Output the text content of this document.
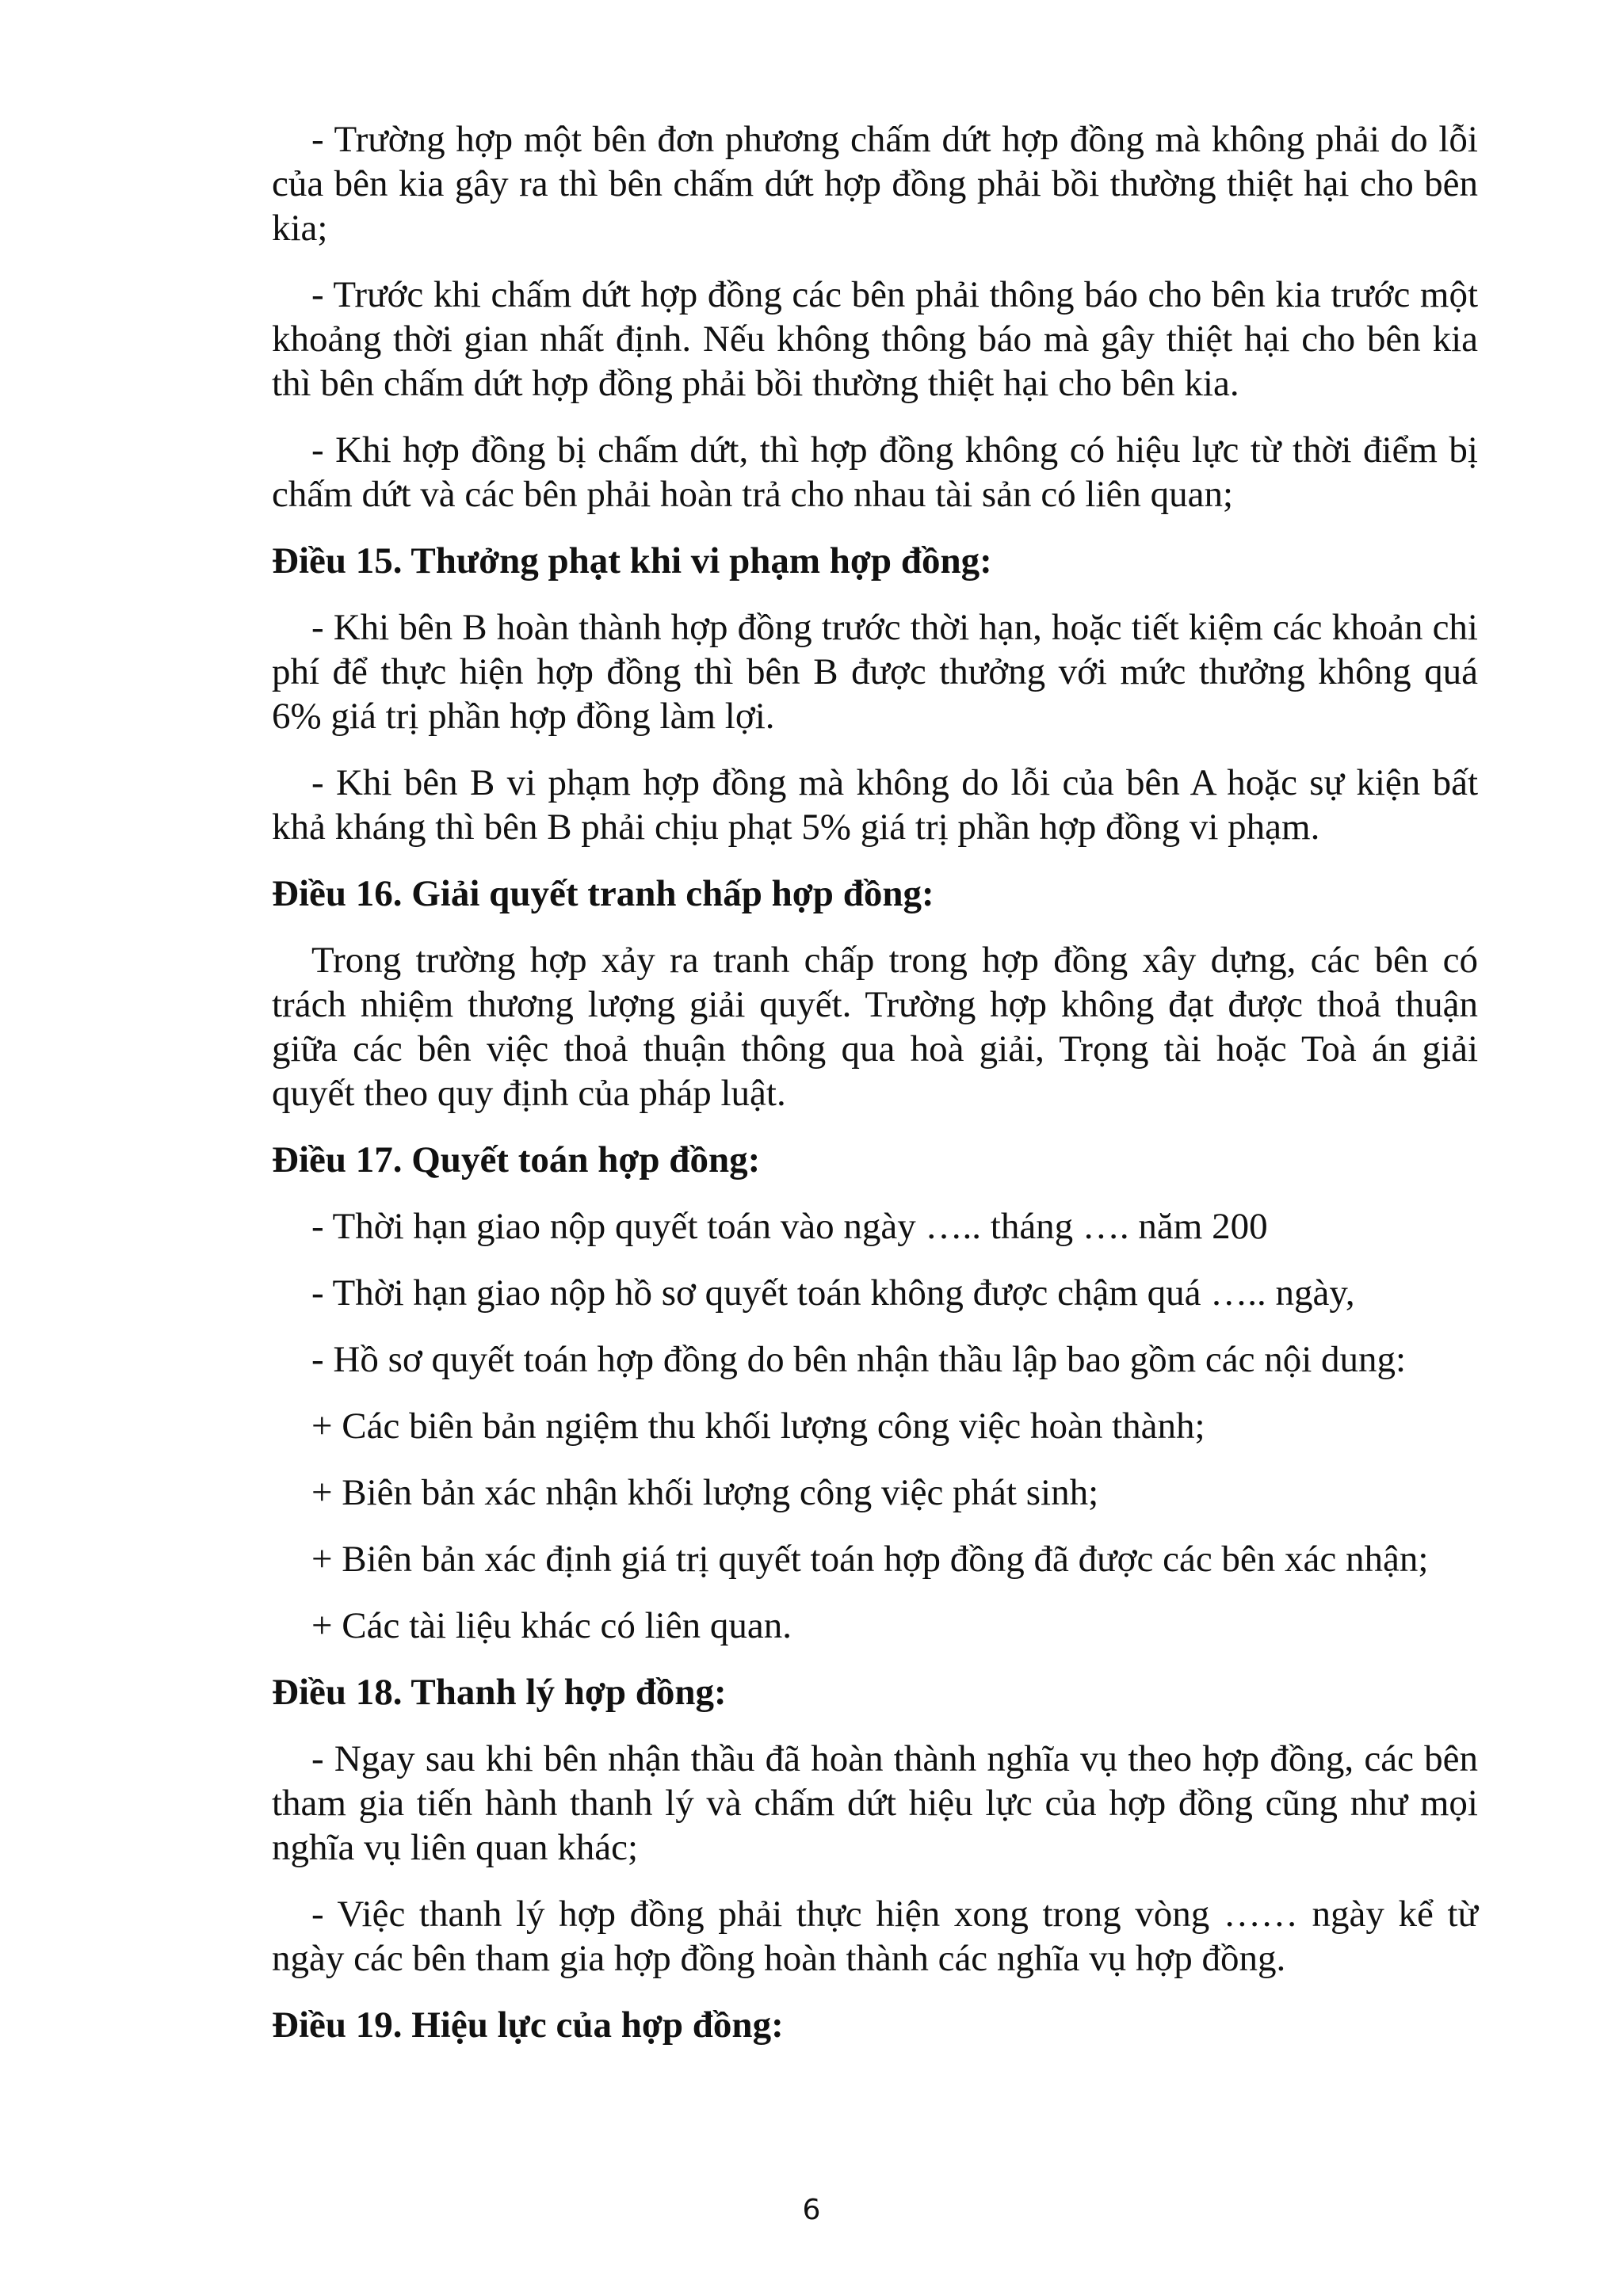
- Trường hợp một bên đơn phương chấm dứt hợp đồng mà không phải do lỗi của bên kia gây ra thì bên chấm dứt hợp đồng phải bồi thường thiệt hại cho bên kia;

- Trước khi chấm dứt hợp đồng các bên phải thông báo cho bên kia trước một khoảng thời gian nhất định. Nếu không thông báo mà gây thiệt hại cho bên kia thì bên chấm dứt hợp đồng phải bồi thường thiệt hại cho bên kia.

- Khi hợp đồng bị chấm dứt, thì hợp đồng không có hiệu lực từ thời điểm bị chấm dứt và các bên phải hoàn trả cho nhau tài sản có liên quan;

Điều 15. Thưởng phạt khi vi phạm hợp đồng:

- Khi bên B hoàn thành hợp đồng trước thời hạn, hoặc tiết kiệm các khoản chi phí để thực hiện hợp đồng thì bên B được thưởng với mức thưởng không quá 6% giá trị phần hợp đồng làm lợi.

- Khi bên B vi phạm hợp đồng mà không do lỗi của bên A hoặc sự kiện bất khả kháng thì bên B phải chịu phạt 5% giá trị phần hợp đồng vi phạm.

Điều 16. Giải quyết tranh chấp hợp đồng:

Trong trường hợp xảy ra tranh chấp trong hợp đồng xây dựng, các bên có trách nhiệm thương lượng giải quyết. Trường hợp không đạt được thoả thuận giữa các bên việc thoả thuận thông qua hoà giải, Trọng tài hoặc Toà án giải quyết theo quy định của pháp luật.

Điều 17. Quyết toán hợp đồng:

- Thời hạn giao nộp quyết toán vào ngày ….. tháng …. năm 200

- Thời hạn giao nộp hồ sơ quyết toán không được chậm quá ….. ngày,

- Hồ sơ quyết toán hợp đồng do bên nhận thầu lập bao gồm các nội dung:

+ Các biên bản ngiệm thu khối lượng công việc hoàn thành;

+ Biên bản xác nhận khối lượng công việc phát sinh;

+ Biên bản xác định giá trị quyết toán hợp đồng đã được các bên xác nhận;

+ Các tài liệu khác có liên quan.

Điều 18. Thanh lý hợp đồng:

- Ngay sau khi bên nhận thầu đã hoàn thành nghĩa vụ theo hợp đồng, các bên tham gia tiến hành thanh lý và chấm dứt hiệu lực của hợp đồng cũng như mọi nghĩa vụ liên quan khác;

- Việc thanh lý hợp đồng phải thực hiện xong trong vòng …… ngày kể từ ngày các bên tham gia hợp đồng hoàn thành các nghĩa vụ hợp đồng.

Điều 19. Hiệu lực của hợp đồng:
6
